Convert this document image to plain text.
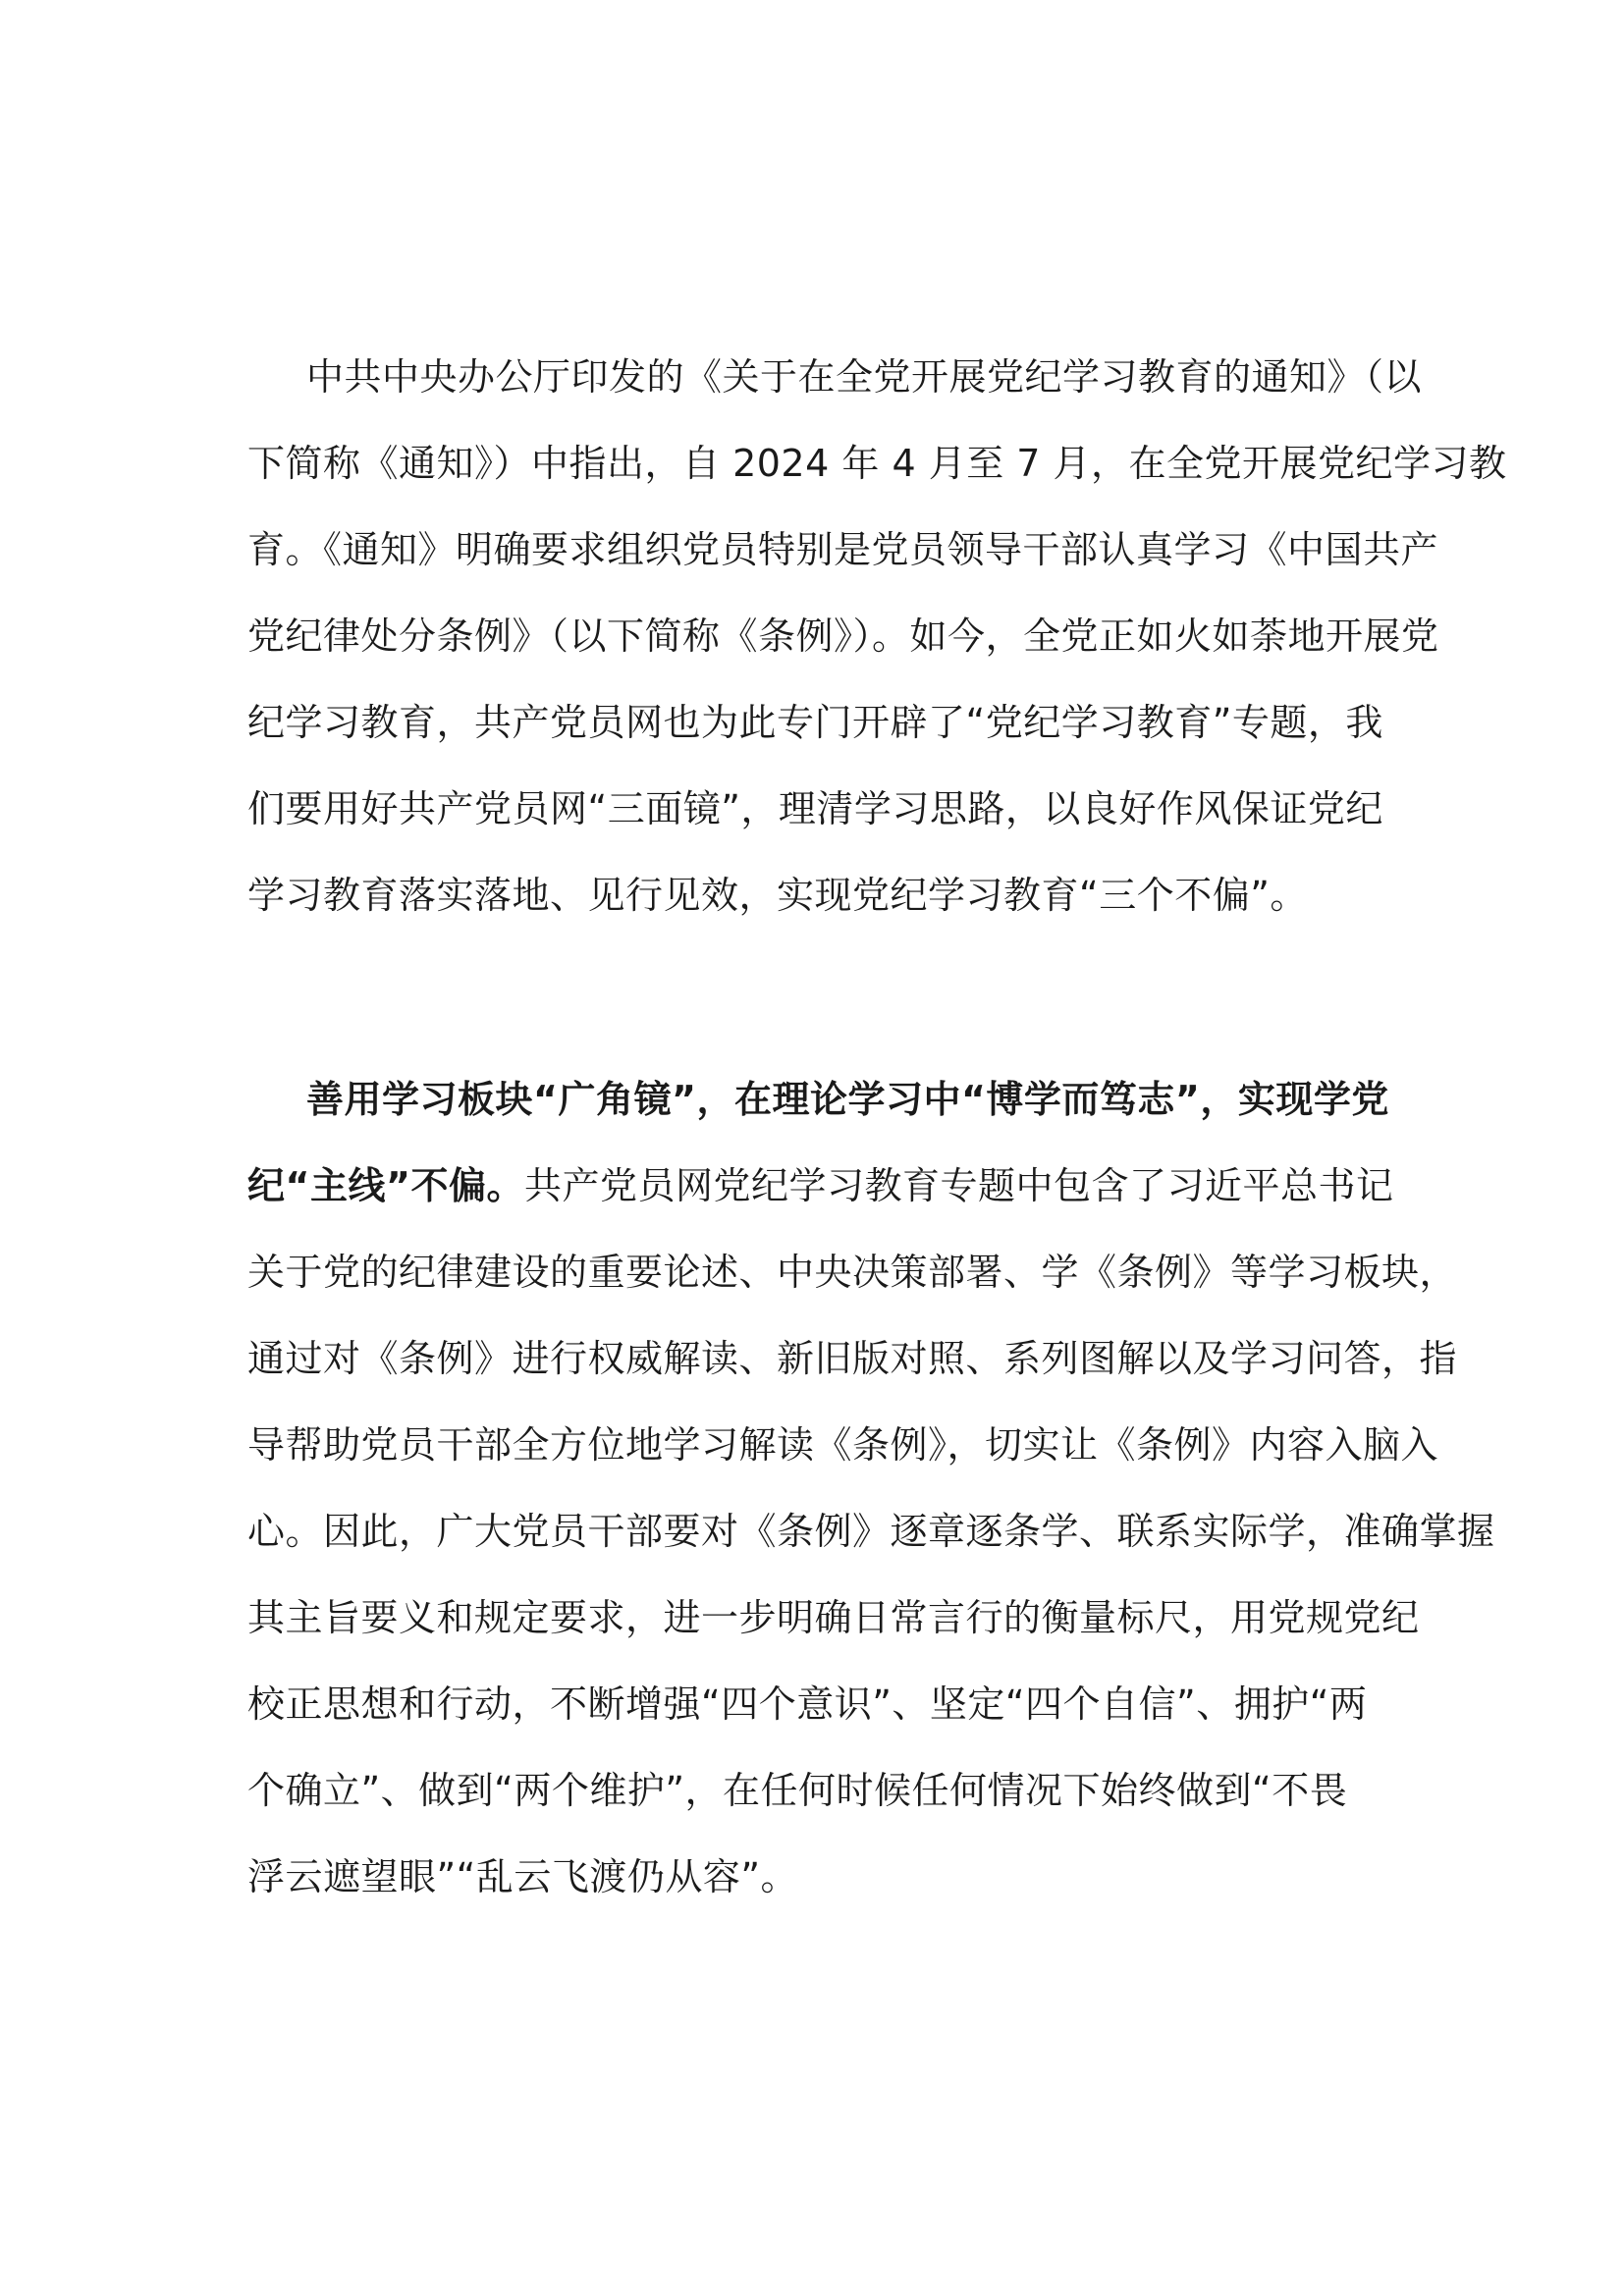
中共中央办公厅印发的《关于在全党开展党纪学习教育的通知》（以
下简称《通知》）中指出，自 2024 年 4 月至 7 月，在全党开展党纪学习教
育。《通知》明确要求组织党员特别是党员领导干部认真学习《中国共产
党纪律处分条例》（以下简称《条例》）。如今，全党正如火如荼地开展党
纪学习教育，共产党员网也为此专门开辟了“党纪学习教育”专题，我
们要用好共产党员网“三面镜”，理清学习思路，以良好作风保证党纪
学习教育落实落地、见行见效，实现党纪学习教育“三个不偏”。
善用学习板块“广角镜”，在理论学习中“博学而笃志”，实现学党
纪“主线”不偏。共产党员网党纪学习教育专题中包含了习近平总书记
关于党的纪律建设的重要论述、中央决策部署、学《条例》等学习板块，
通过对《条例》进行权威解读、新旧版对照、系列图解以及学习问答，指
导帮助党员干部全方位地学习解读《条例》，切实让《条例》内容入脑入
心。因此，广大党员干部要对《条例》逐章逐条学、联系实际学，准确掌握
其主旨要义和规定要求，进一步明确日常言行的衡量标尺，用党规党纪
校正思想和行动，不断增强“四个意识”、坚定“四个自信”、拥护“两
个确立”、做到“两个维护”，在任何时候任何情况下始终做到“不畏
浮云遮望眼”“乱云飞渡仍从容”。
